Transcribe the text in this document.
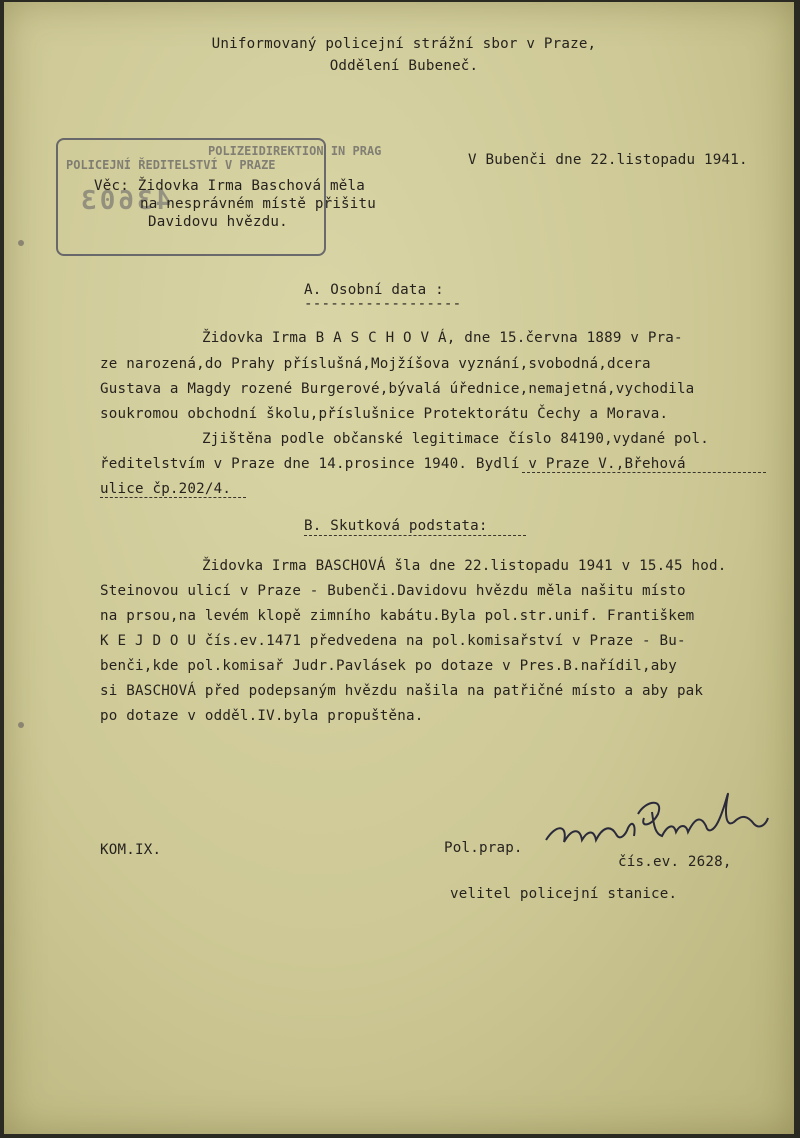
Uniformovaný policejní strážní sbor v Praze,
Oddělení Bubeneč.
POLIZEIDIREKTION IN PRAG
POLICEJNÍ ŘEDITELSTVÍ V PRAZE
43603
V Bubenči dne 22.listopadu 1941.
Věc: Židovka Irma Baschová měla
na nesprávném místě přišitu
Davidovu hvězdu.
A. Osobní data :
------------------
Židovka Irma B A S C H O V Á, dne 15.června 1889 v Pra-
ze narozená,do Prahy příslušná,Mojžíšova vyznání,svobodná,dcera
Gustava a Magdy rozené Burgerové,bývalá úřednice,nemajetná,vychodila
soukromou obchodní školu,příslušnice Protektorátu Čechy a Morava.
Zjištěna podle občanské legitimace číslo 84190,vydané pol.
ředitelstvím v Praze dne 14.prosince 1940. Bydlí v Praze V.,Břehová
ulice čp.202/4.
B. Skutková podstata:
Židovka Irma BASCHOVÁ šla dne 22.listopadu 1941 v 15.45 hod.
Steinovou ulicí v Praze - Bubenči.Davidovu hvězdu měla našitu místo
na prsou,na levém klopě zimního kabátu.Byla pol.str.unif. Františkem
K E J D O U čís.ev.1471 předvedena na pol.komisařství v Praze - Bu-
benči,kde pol.komisař Judr.Pavlásek po dotaze v Pres.B.nařídil,aby
si BASCHOVÁ před podepsaným hvězdu našila na patřičné místo a aby pak
po dotaze v odděl.IV.byla propuštěna.
KOM.IX.	Pol.prap.
čís.ev. 2628,
velitel policejní stanice.
